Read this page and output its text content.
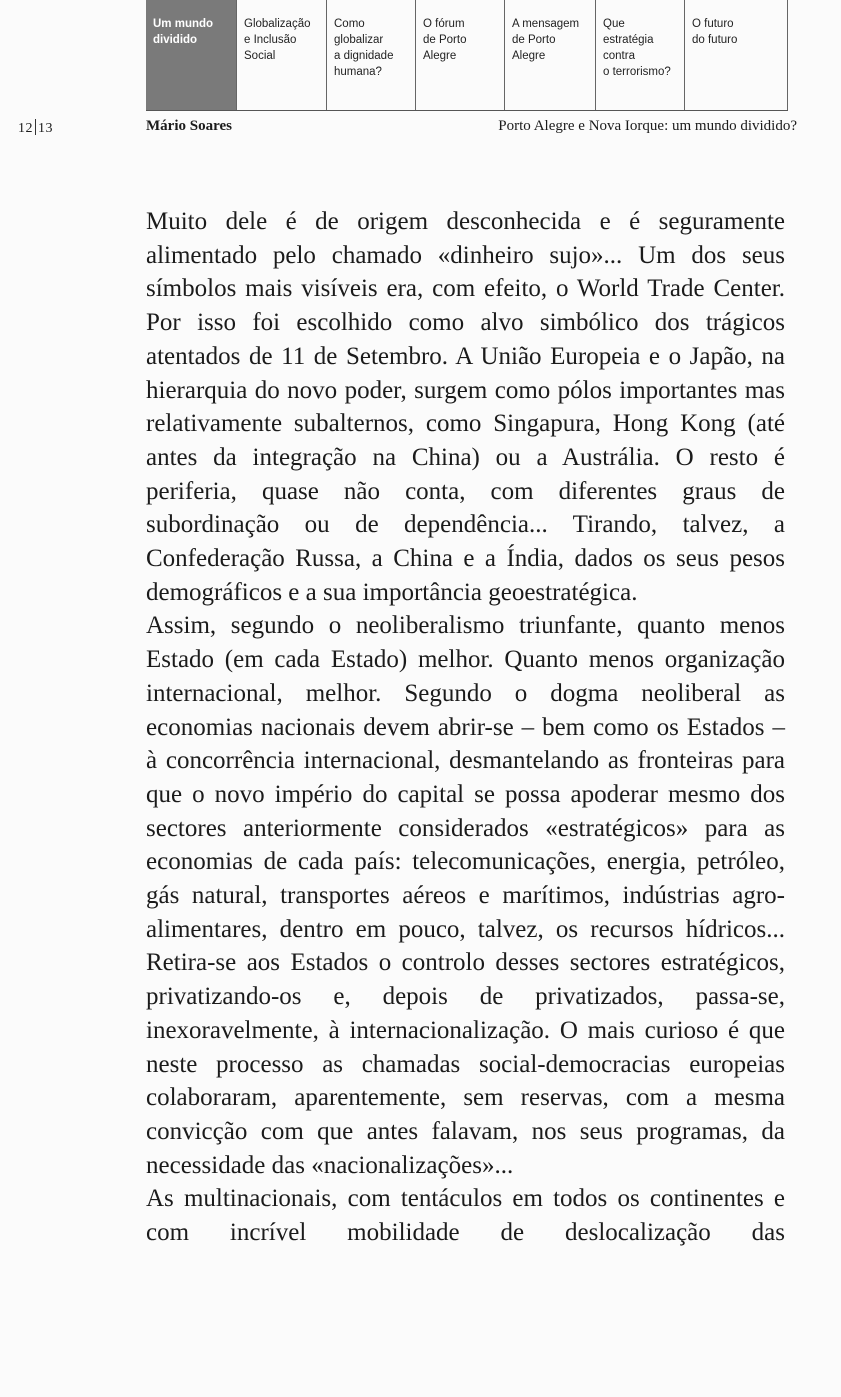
Um mundo
dividido
Globalização
e Inclusão
Social
Como
globalizar
a dignidade
humana?
O fórum
de Porto
Alegre
A mensagem
de Porto
Alegre
Que
estratégia
contra
o terrorismo?
O futuro
do futuro
12 13	Mário Soares	Porto Alegre e Nova Iorque: um mundo dividido?

Muito dele é de origem desconhecida e é seguramente alimentado pelo chamado «dinheiro sujo»... Um dos seus símbolos mais visíveis era, com efeito, o World Trade Center. Por isso foi escolhido como alvo simbólico dos trágicos atentados de 11 de Setembro. A União Europeia e o Japão, na hierarquia do novo poder, surgem como pólos importantes mas relativamente subalternos, como Singapura, Hong Kong (até antes da integração na China) ou a Austrália. O resto é periferia, quase não conta, com diferentes graus de subordinação ou de dependência... Tirando, talvez, a Confederação Russa, a China e a Índia, dados os seus pesos demográficos e a sua importância geoestratégica.

Assim, segundo o neoliberalismo triunfante, quanto menos Estado (em cada Estado) melhor. Quanto menos organização internacional, melhor. Segundo o dogma neoliberal as economias nacionais devem abrir-se – bem como os Estados – à concorrência internacional, desmantelando as fronteiras para que o novo império do capital se possa apoderar mesmo dos sectores anteriormente considerados «estratégicos» para as economias de cada país: telecomunicações, energia, petróleo, gás natural, transportes aéreos e marítimos, indústrias agro-alimentares, dentro em pouco, talvez, os recursos hídricos... Retira-se aos Estados o controlo desses sectores estratégicos, privatizando-os e, depois de privatizados, passa-se, inexoravelmente, à internacionalização. O mais curioso é que neste processo as chamadas social-democracias europeias colaboraram, aparentemente, sem reservas, com a mesma convicção com que antes falavam, nos seus programas, da necessidade das «nacionalizações»...

As multinacionais, com tentáculos em todos os continentes e com incrível mobilidade de deslocalização das
